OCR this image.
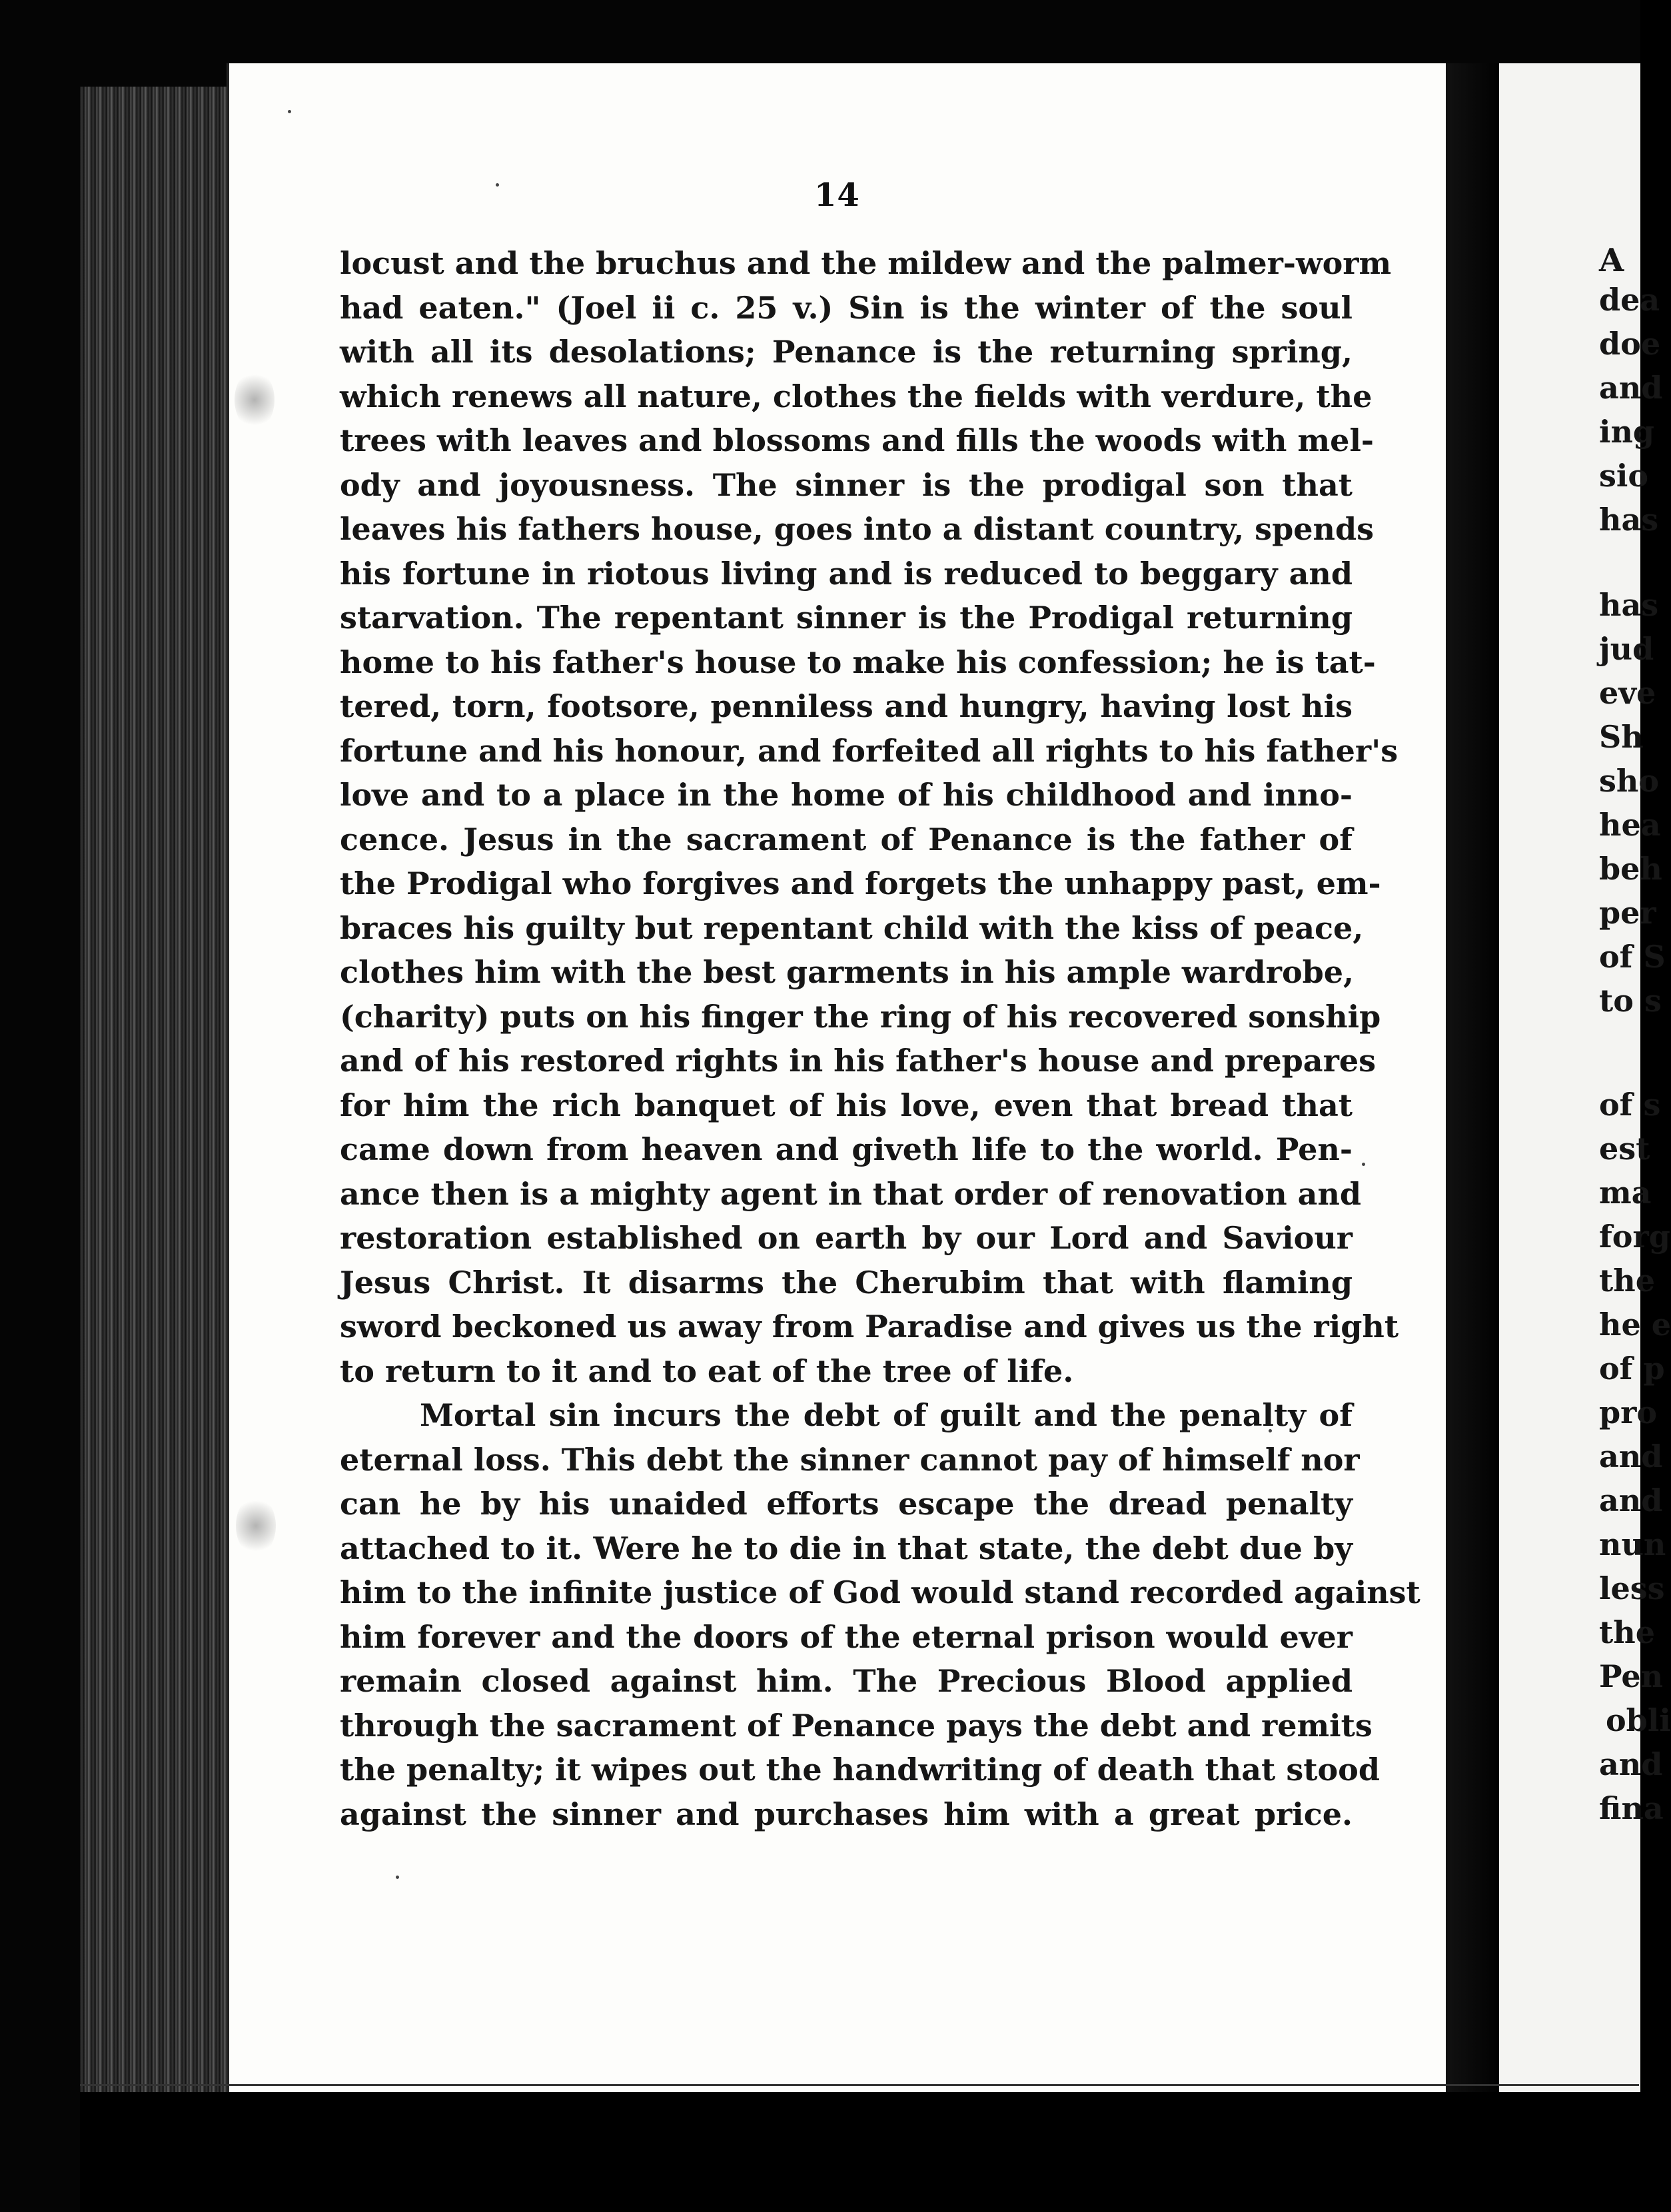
A
dea
doe
and
ing
sio
has
has
jud
eve
Sh
sho
hea
beh
per
of S
to s
of s
est
ma
forg
the
he e
of p
pro
and
and
nun
less
the
Pen
obli
and
fina
14
locust and the bruchus and the mildew and the palmer-worm
had eaten." (Joel ii c. 25 v.) Sin is the winter of the soul
with all its desolations; Penance is the returning spring,
which renews all nature, clothes the fields with verdure, the
trees with leaves and blossoms and fills the woods with mel-
ody and joyousness. The sinner is the prodigal son that
leaves his fathers house, goes into a distant country, spends
his fortune in riotous living and is reduced to beggary and
starvation. The repentant sinner is the Prodigal returning
home to his father's house to make his confession; he is tat-
tered, torn, footsore, penniless and hungry, having lost his
fortune and his honour, and forfeited all rights to his father's
love and to a place in the home of his childhood and inno-
cence. Jesus in the sacrament of Penance is the father of
the Prodigal who forgives and forgets the unhappy past, em-
braces his guilty but repentant child with the kiss of peace,
clothes him with the best garments in his ample wardrobe,
(charity) puts on his finger the ring of his recovered sonship
and of his restored rights in his father's house and prepares
for him the rich banquet of his love, even that bread that
came down from heaven and giveth life to the world. Pen-
ance then is a mighty agent in that order of renovation and
restoration established on earth by our Lord and Saviour
Jesus Christ. It disarms the Cherubim that with flaming
sword beckoned us away from Paradise and gives us the right
to return to it and to eat of the tree of life.
Mortal sin incurs the debt of guilt and the penalty of
eternal loss. This debt the sinner cannot pay of himself nor
can he by his unaided efforts escape the dread penalty
attached to it. Were he to die in that state, the debt due by
him to the infinite justice of God would stand recorded against
him forever and the doors of the eternal prison would ever
remain closed against him. The Precious Blood applied
through the sacrament of Penance pays the debt and remits
the penalty; it wipes out the handwriting of death that stood
against the sinner and purchases him with a great price.
